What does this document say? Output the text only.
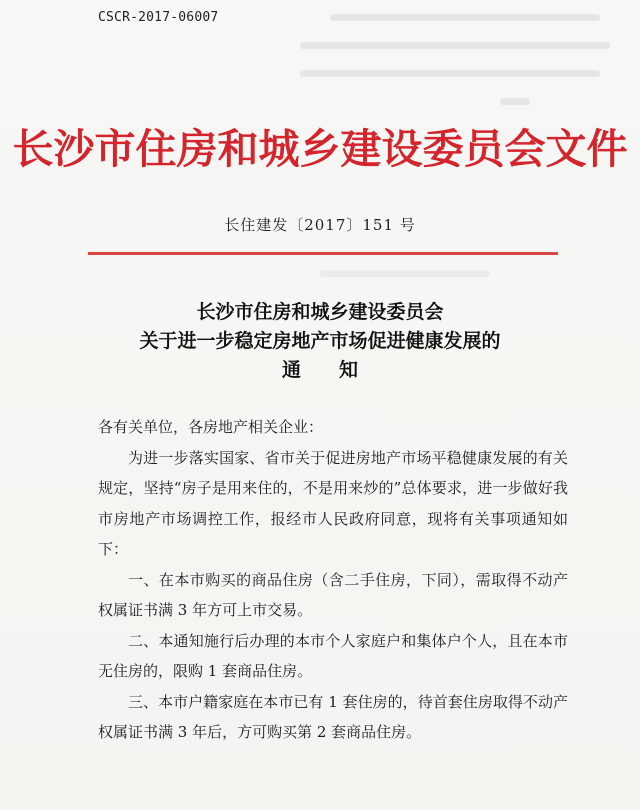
CSCR-2017-06007
长沙市住房和城乡建设委员会文件
长住建发〔2017〕151 号
长沙市住房和城乡建设委员会
关于进一步稳定房地产市场促进健康发展的
通　　知

各有关单位，各房地产相关企业：

为进一步落实国家、省市关于促进房地产市场平稳健康发展的有关规定，坚持“房子是用来住的，不是用来炒的”总体要求，进一步做好我市房地产市场调控工作，报经市人民政府同意，现将有关事项通知如下：

一、在本市购买的商品住房（含二手住房，下同），需取得不动产权属证书满 3 年方可上市交易。

二、本通知施行后办理的本市个人家庭户和集体户个人，且在本市无住房的，限购 1 套商品住房。

三、本市户籍家庭在本市已有 1 套住房的，待首套住房取得不动产权属证书满 3 年后，方可购买第 2 套商品住房。
